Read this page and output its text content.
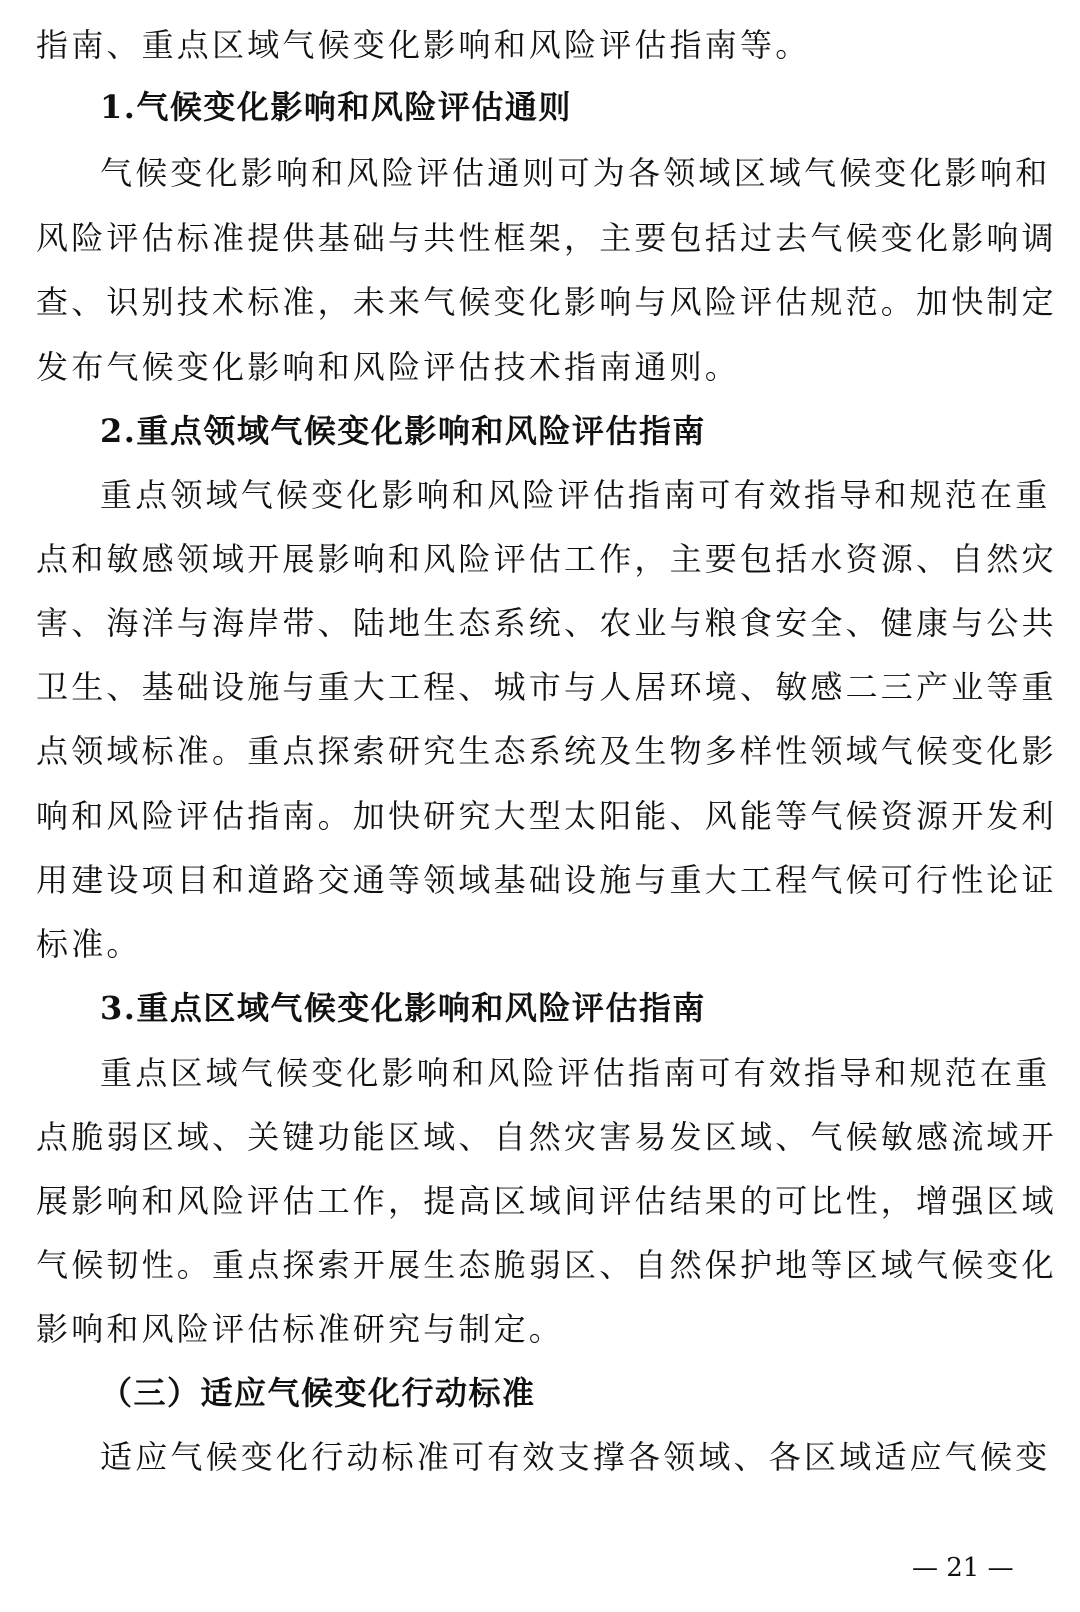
指南、重点区域气候变化影响和风险评估指南等。
1.气候变化影响和风险评估通则
气候变化影响和风险评估通则可为各领域区域气候变化影响和
风险评估标准提供基础与共性框架，主要包括过去气候变化影响调
查、识别技术标准，未来气候变化影响与风险评估规范。加快制定
发布气候变化影响和风险评估技术指南通则。
2.重点领域气候变化影响和风险评估指南
重点领域气候变化影响和风险评估指南可有效指导和规范在重
点和敏感领域开展影响和风险评估工作，主要包括水资源、自然灾
害、海洋与海岸带、陆地生态系统、农业与粮食安全、健康与公共
卫生、基础设施与重大工程、城市与人居环境、敏感二三产业等重
点领域标准。重点探索研究生态系统及生物多样性领域气候变化影
响和风险评估指南。加快研究大型太阳能、风能等气候资源开发利
用建设项目和道路交通等领域基础设施与重大工程气候可行性论证
标准。
3.重点区域气候变化影响和风险评估指南
重点区域气候变化影响和风险评估指南可有效指导和规范在重
点脆弱区域、关键功能区域、自然灾害易发区域、气候敏感流域开
展影响和风险评估工作，提高区域间评估结果的可比性，增强区域
气候韧性。重点探索开展生态脆弱区、自然保护地等区域气候变化
影响和风险评估标准研究与制定。
（三）适应气候变化行动标准
适应气候变化行动标准可有效支撑各领域、各区域适应气候变
— 21 —
